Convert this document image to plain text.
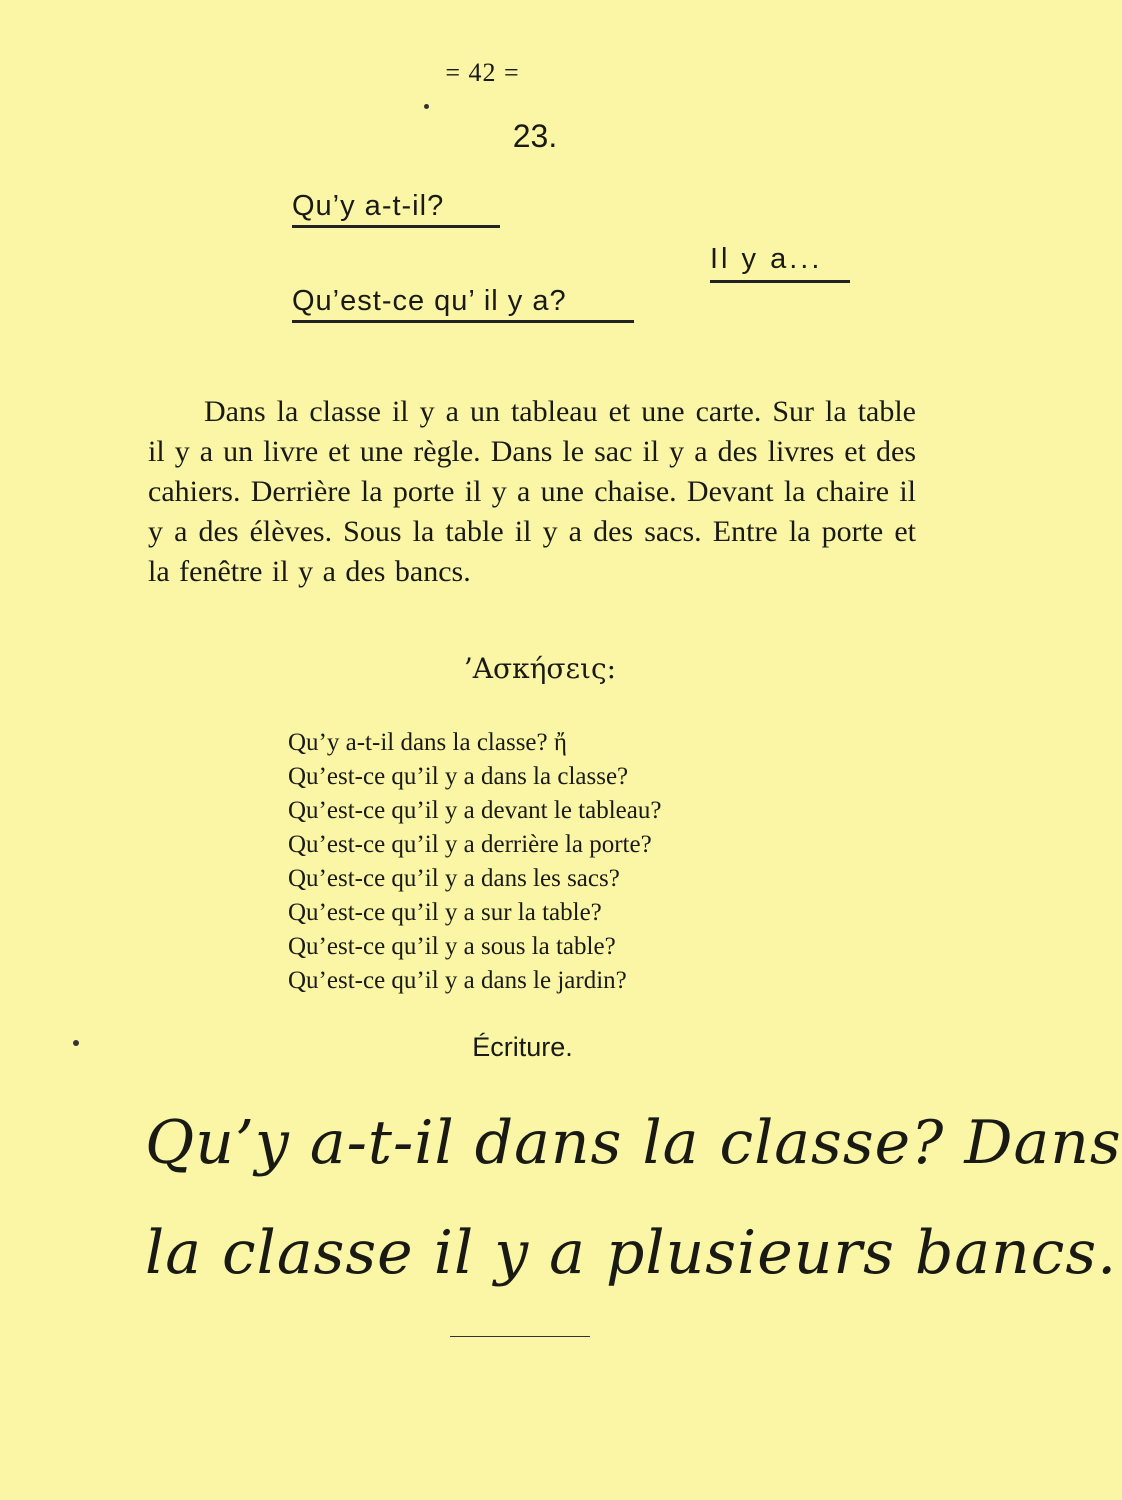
= 42 =
23.
Qu’y a-t-il?
Il y a...
Qu’est-ce qu’ il y a?

Dans la classe il y a un tableau et une carte. Sur la table il y a un livre et une règle. Dans le sac il y a des livres et des cahiers. Derrière la porte il y a une chaise. Devant la chaire il y a des élèves. Sous la table il y a des sacs. Entre la porte et la fenêtre il y a des bancs.

’Ασκήσεις:
Qu’y a-t-il dans la classe? ἤ
Qu’est-ce qu’il y a dans la classe?
Qu’est-ce qu’il y a devant le tableau?
Qu’est-ce qu’il y a derrière la porte?
Qu’est-ce qu’il y a dans les sacs?
Qu’est-ce qu’il y a sur la table?
Qu’est-ce qu’il y a sous la table?
Qu’est-ce qu’il y a dans le jardin?
Écriture.
Qu’y a-t-il dans la classe? Dans
la classe il y a plusieurs bancs.
